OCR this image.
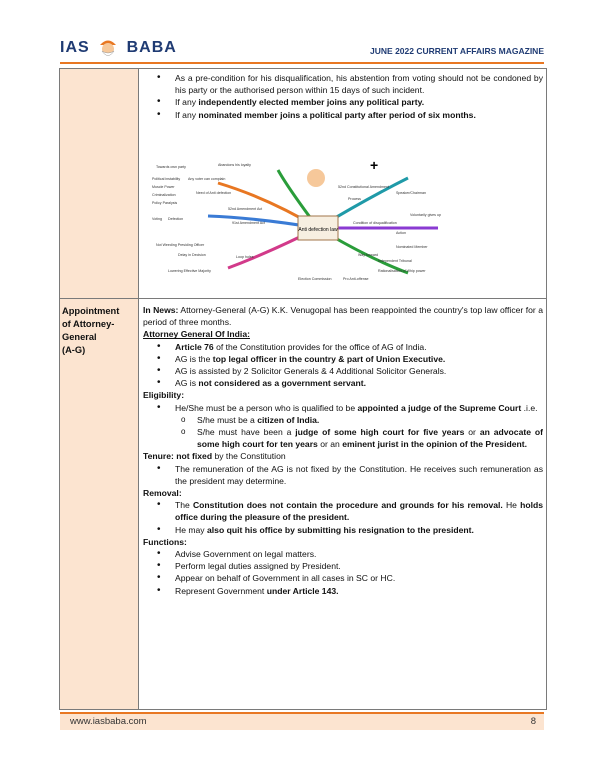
IAS BABA	JUNE 2022 CURRENT AFFAIRS MAGAZINE
• As a pre-condition for his disqualification, his abstention from voting should not be condoned by his party or the authorised person within 15 days of such incident.
• If any independently elected member joins any political party.
• If any nominated member joins a political party after period of six months.
Anti defection law
+
Towards own party	Abandons his loyalty
Political instability Any voter can complain
Muscle Power
Criminalization	Need of Anti defection
Policy Paralysis
Defection
Voting
52nd Amendment Act
91st Amendment Act
Not Weeding Presiding Officer
Delay in Decision
Lowering Effective Majority
Loop holes
52nd Constitutional Amendment
Process
Speaker/Chairman
Condition of disqualification
Voluntarily gives up
Action
Nominated Member
Independent Tribunal
Rationalisation of Whip power
Way forward
Election Commission	Pro Anti-offense
Appointment
of Attorney-
General
(A-G)
In News: Attorney-General (A-G) K.K. Venugopal has been reappointed the country's top law officer for a period of three months.
Attorney General Of India:
• Article 76 of the Constitution provides for the office of AG of India.
• AG is the top legal officer in the country & part of Union Executive.
• AG is assisted by 2 Solicitor Generals & 4 Additional Solicitor Generals.
• AG is not considered as a government servant.
Eligibility:
• He/She must be a person who is qualified to be appointed a judge of the Supreme Court .i.e.
o S/he must be a citizen of India.
o S/he must have been a judge of some high court for five years or an advocate of some high court for ten years or an eminent jurist in the opinion of the President.
Tenure: not fixed by the Constitution
• The remuneration of the AG is not fixed by the Constitution. He receives such remuneration as the president may determine.
Removal:
• The Constitution does not contain the procedure and grounds for his removal. He holds office during the pleasure of the president.
• He may also quit his office by submitting his resignation to the president.
Functions:
• Advise Government on legal matters.
• Perform legal duties assigned by President.
• Appear on behalf of Government in all cases in SC or HC.
• Represent Government under Article 143.
www.iasbaba.com	8
